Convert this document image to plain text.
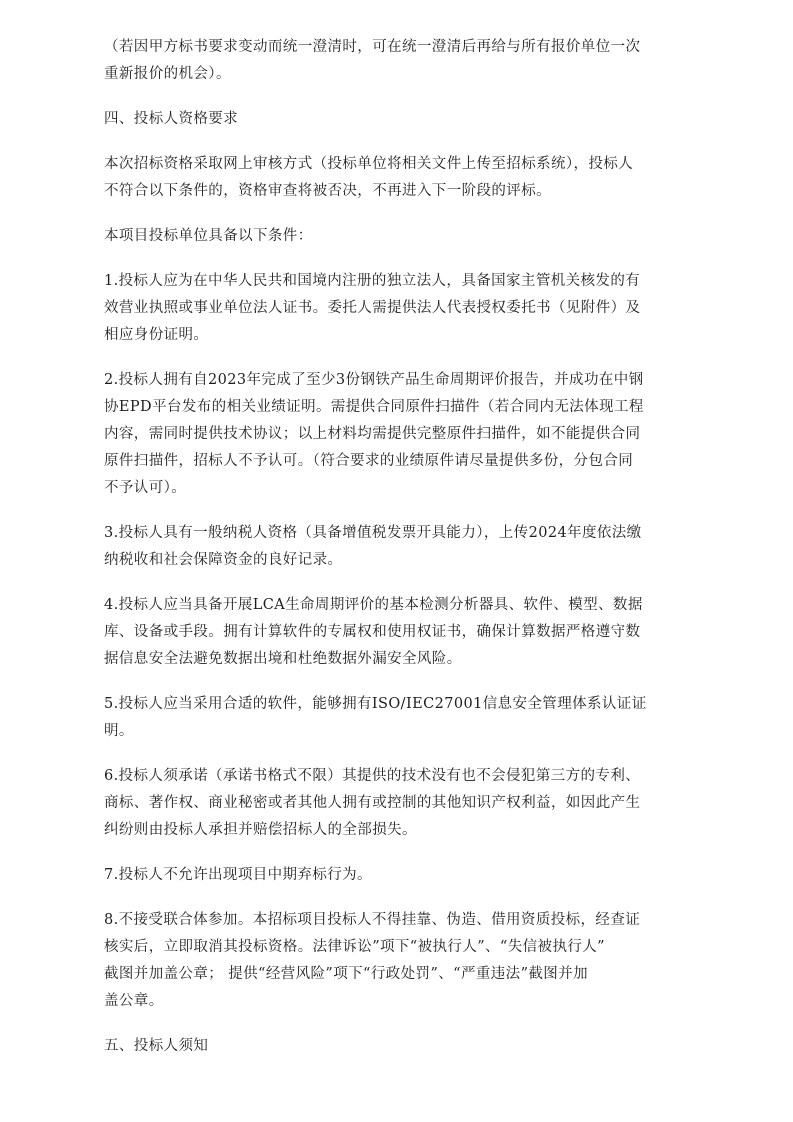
（若因甲方标书要求变动而统一澄清时，可在统一澄清后再给与所有报价单位一次
重新报价的机会）。
四、投标人资格要求
本次招标资格采取网上审核方式（投标单位将相关文件上传至招标系统），投标人
不符合以下条件的，资格审查将被否决，不再进入下一阶段的评标。
本项目投标单位具备以下条件：
1.投标人应为在中华人民共和国境内注册的独立法人，具备国家主管机关核发的有
效营业执照或事业单位法人证书。委托人需提供法人代表授权委托书（见附件）及
相应身份证明。
2.投标人拥有自2023年完成了至少3份钢铁产品生命周期评价报告，并成功在中钢
协EPD平台发布的相关业绩证明。需提供合同原件扫描件（若合同内无法体现工程
内容，需同时提供技术协议；以上材料均需提供完整原件扫描件，如不能提供合同
原件扫描件，招标人不予认可。（符合要求的业绩原件请尽量提供多份，分包合同
不予认可）。
3.投标人具有一般纳税人资格（具备增值税发票开具能力），上传2024年度依法缴
纳税收和社会保障资金的良好记录。
4.投标人应当具备开展LCA生命周期评价的基本检测分析器具、软件、模型、数据
库、设备或手段。拥有计算软件的专属权和使用权证书，确保计算数据严格遵守数
据信息安全法避免数据出境和杜绝数据外漏安全风险。
5.投标人应当采用合适的软件，能够拥有ISO/IEC27001信息安全管理体系认证证
明。
6.投标人须承诺（承诺书格式不限）其提供的技术没有也不会侵犯第三方的专利、
商标、著作权、商业秘密或者其他人拥有或控制的其他知识产权利益，如因此产生
纠纷则由投标人承担并赔偿招标人的全部损失。
7.投标人不允许出现项目中期弃标行为。
8.不接受联合体参加。本招标项目投标人不得挂靠、伪造、借用资质投标，经查证
核实后，立即取消其投标资格。法律诉讼”项下“被执行人”、“失信被执行人”
截图并加盖公章； 提供“经营风险”项下“行政处罚”、“严重违法”截图并加
盖公章。
五、投标人须知
